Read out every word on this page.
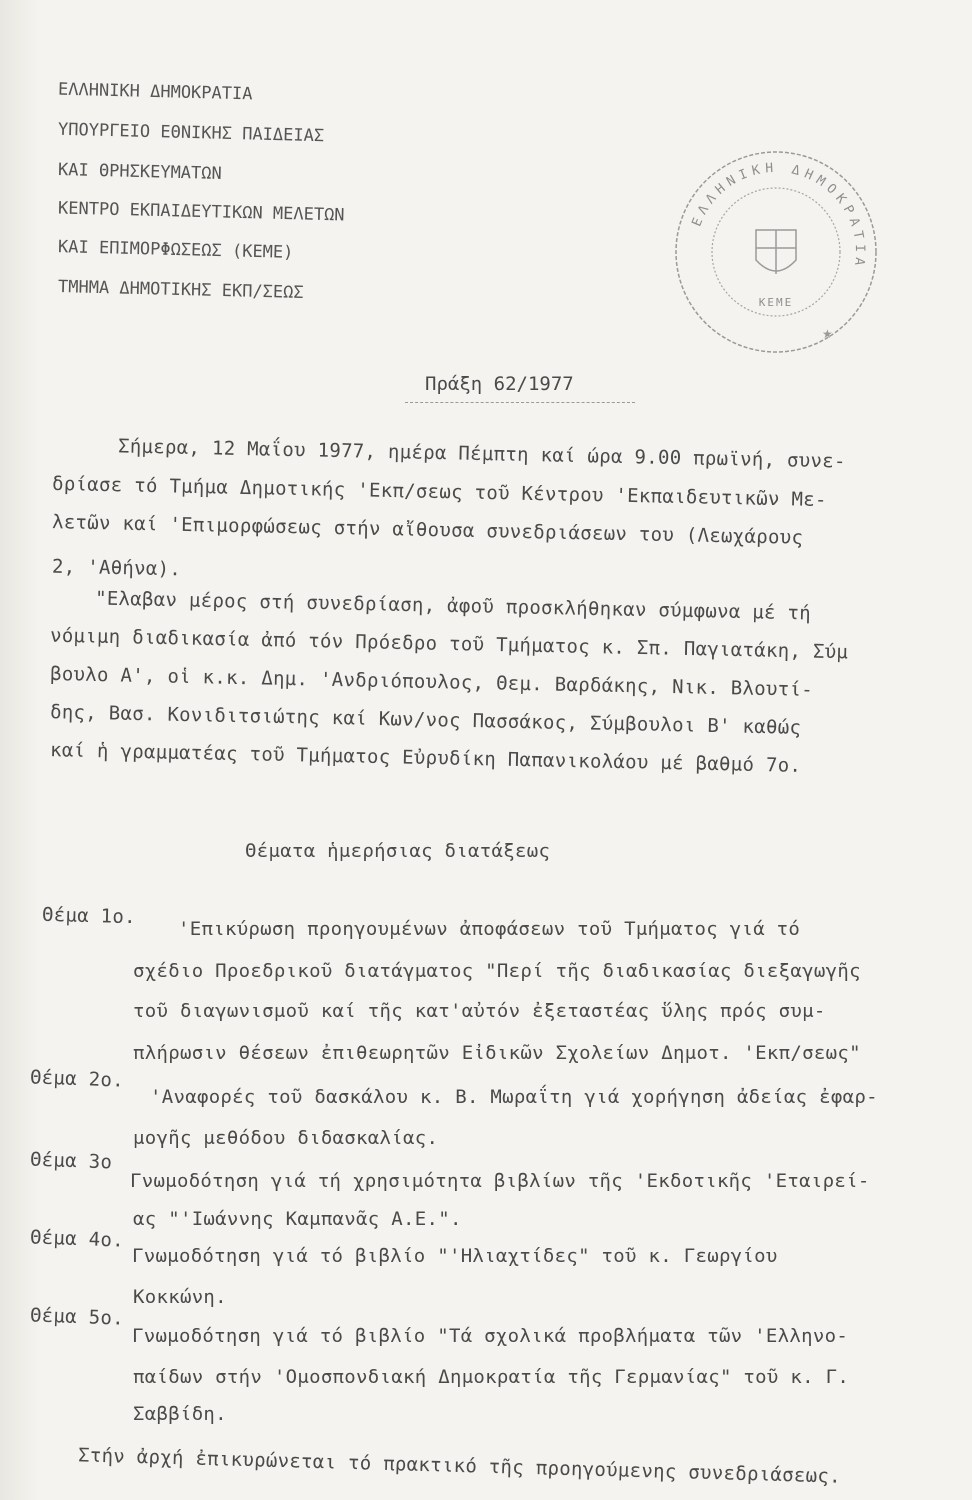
ΕΛΛΗΝΙΚΗ ΔΗΜΟΚΡΑΤΙΑ
ΥΠΟΥΡΓΕΙΟ ΕΘΝΙΚΗΣ ΠΑΙΔΕΙΑΣ
ΚΑΙ ΘΡΗΣΚΕΥΜΑΤΩΝ
ΚΕΝΤΡΟ ΕΚΠΑΙΔΕΥΤΙΚΩΝ ΜΕΛΕΤΩΝ
ΚΑΙ ΕΠΙΜΟΡΦΩΣΕΩΣ (ΚΕΜΕ)
ΤΜΗΜΑ ΔΗΜΟΤΙΚΗΣ ΕΚΠ/ΣΕΩΣ
ΕΛΛΗΝΙΚΗ ΔΗΜΟΚΡΑΤΙΑ
ΚΕΜΕ
★
Πράξη 62/1977
Σήμερα, 12 Μαΐου 1977, ημέρα Πέμπτη καί ώρα 9.00 πρωϊνή, συνε-
δρίασε τό Τμήμα Δημοτικής 'Εκπ/σεως τοῦ Κέντρου 'Εκπαιδευτικῶν Με-
λετῶν καί 'Επιμορφώσεως στήν αἴθουσα συνεδριάσεων του (Λεωχάρους
2, 'Αθήνα).
"Ελαβαν μέρος στή συνεδρίαση, ἀφοῦ προσκλήθηκαν σύμφωνα μέ τή
νόμιμη διαδικασία ἀπό τόν Πρόεδρο τοῦ Τμήματος κ. Σπ. Παγιατάκη, Σύμ
βουλο Α', οἱ κ.κ. Δημ. 'Ανδριόπουλος, Θεμ. Βαρδάκης, Νικ. Βλουτί-
δης, Βασ. Κονιδιτσιώτης καί Κων/νος Πασσάκος, Σύμβουλοι Β' καθώς
καί ἡ γραμματέας τοῦ Τμήματος Εὐρυδίκη Παπανικολάου μέ βαθμό 7ο.
Θέματα ἡμερήσιας διατάξεως
Θέμα 1ο.
'Επικύρωση προηγουμένων ἀποφάσεων τοῦ Τμήματος γιά τό
σχέδιο Προεδρικοῦ διατάγματος "Περί τῆς διαδικασίας διεξαγωγῆς
τοῦ διαγωνισμοῦ καί τῆς κατ'αὐτόν ἐξεταστέας ὕλης πρός συμ-
πλήρωσιν θέσεων ἐπιθεωρητῶν Εἰδικῶν Σχολείων Δημοτ. 'Εκπ/σεως"
Θέμα 2ο.
'Αναφορές τοῦ δασκάλου κ. Β. Μωραΐτη γιά χορήγηση ἀδείας ἐφαρ-
μογῆς μεθόδου διδασκαλίας.
Θέμα 3ο
Γνωμοδότηση γιά τή χρησιμότητα βιβλίων τῆς 'Εκδοτικῆς 'Εταιρεί-
ας "'Ιωάννης Καμπανᾶς Α.Ε.".
Θέμα 4ο.
Γνωμοδότηση γιά τό βιβλίο "'Ηλιαχτίδες" τοῦ κ. Γεωργίου
Κοκκώνη.
Θέμα 5ο.
Γνωμοδότηση γιά τό βιβλίο "Τά σχολικά προβλήματα τῶν 'Ελληνο-
παίδων στήν 'Ομοσπονδιακή Δημοκρατία τῆς Γερμανίας" τοῦ κ. Γ.
Σαββίδη.
Στήν ἀρχή ἐπικυρώνεται τό πρακτικό τῆς προηγούμενης συνεδριάσεως.
